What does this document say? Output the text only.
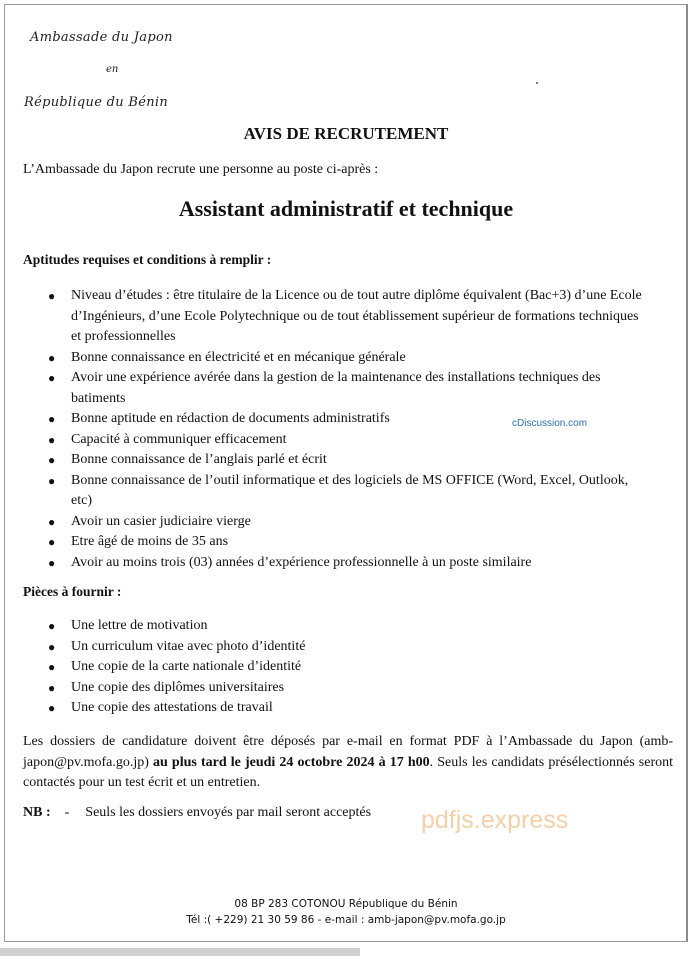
Ambassade du Japon
en
République du Bénin
AVIS DE RECRUTEMENT
L’Ambassade du Japon recrute une personne au poste ci-après :
Assistant administratif et technique
Aptitudes requises et conditions à remplir :
● Niveau d’études : être titulaire de la Licence ou de tout autre diplôme équivalent (Bac+3) d’une Ecole d’Ingénieurs, d’une Ecole Polytechnique ou de tout établissement supérieur de formations techniques et professionnelles
● Bonne connaissance en électricité et en mécanique générale
● Avoir une expérience avérée dans la gestion de la maintenance des installations techniques des batiments
● Bonne aptitude en rédaction de documents administratifs
● Capacité à communiquer efficacement
● Bonne connaissance de l’anglais parlé et écrit
● Bonne connaissance de l’outil informatique et des logiciels de MS OFFICE (Word, Excel, Outlook, etc)
● Avoir un casier judiciaire vierge
● Etre âgé de moins de 35 ans
● Avoir au moins trois (03) années d’expérience professionnelle à un poste similaire
cDiscussion.com
Pièces à fournir :
● Une lettre de motivation
● Un curriculum vitae avec photo d’identité
● Une copie de la carte nationale d’identité
● Une copie des diplômes universitaires
● Une copie des attestations de travail
Les dossiers de candidature doivent être déposés par e-mail en format PDF à l’Ambassade du Japon (amb-japon@pv.mofa.go.jp) au plus tard le jeudi 24 octobre 2024 à 17 h00. Seuls les candidats présélectionnés seront contactés pour un test écrit et un entretien.
NB : - Seuls les dossiers envoyés par mail seront acceptés pdfjs.express
08 BP 283 COTONOU République du Bénin
Tél :( +229) 21 30 59 86 - e-mail : amb-japon@pv.mofa.go.jp
